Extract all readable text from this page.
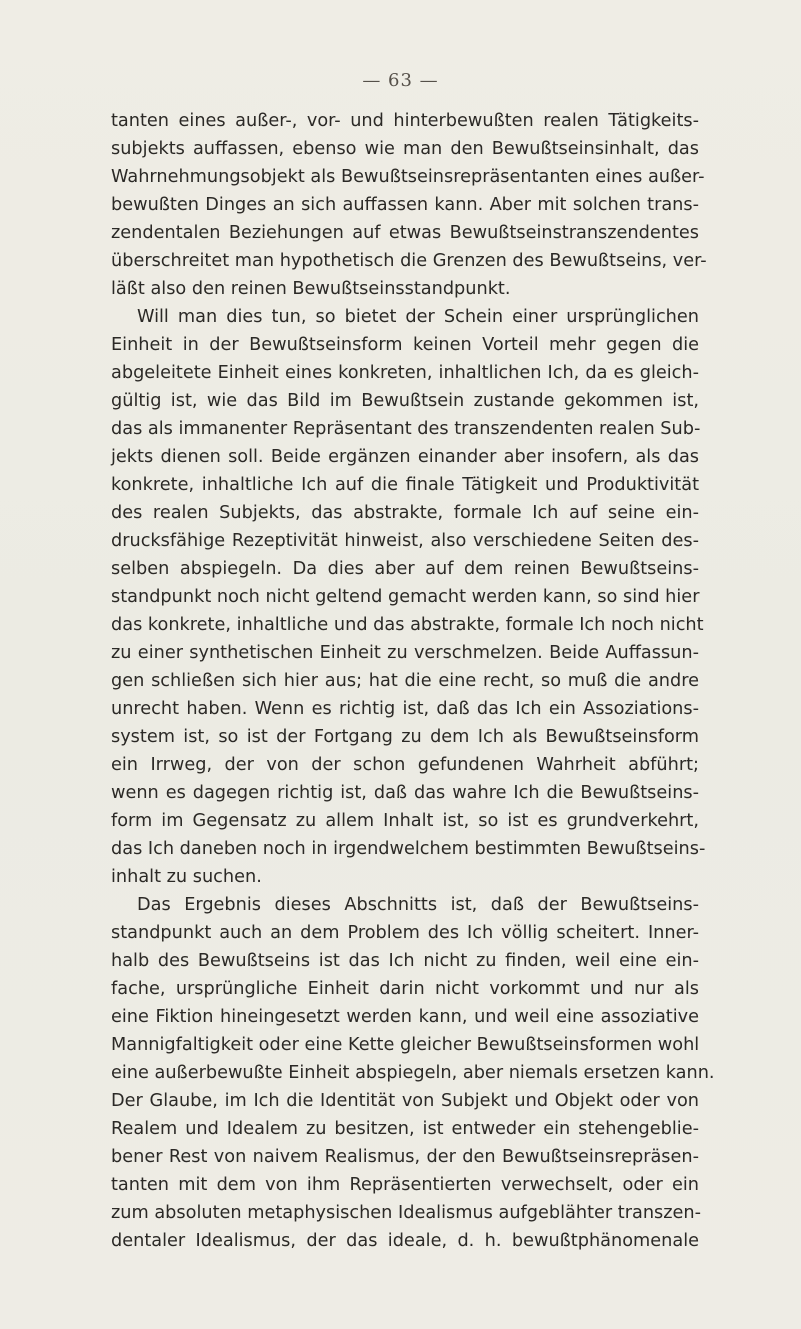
— 63 —
tanten eines außer-, vor- und hinterbewußten realen Tätigkeits-
subjekts auffassen, ebenso wie man den Bewußtseinsinhalt, das
Wahrnehmungsobjekt als Bewußtseinsrepräsentanten eines außer-
bewußten Dinges an sich auffassen kann. Aber mit solchen trans-
zendentalen Beziehungen auf etwas Bewußtseinstranszendentes
überschreitet man hypothetisch die Grenzen des Bewußtseins, ver-
läßt also den reinen Bewußtseinsstandpunkt.
Will man dies tun, so bietet der Schein einer ursprünglichen
Einheit in der Bewußtseinsform keinen Vorteil mehr gegen die
abgeleitete Einheit eines konkreten, inhaltlichen Ich, da es gleich-
gültig ist, wie das Bild im Bewußtsein zustande gekommen ist,
das als immanenter Repräsentant des transzendenten realen Sub-
jekts dienen soll. Beide ergänzen einander aber insofern, als das
konkrete, inhaltliche Ich auf die finale Tätigkeit und Produktivität
des realen Subjekts, das abstrakte, formale Ich auf seine ein-
drucksfähige Rezeptivität hinweist, also verschiedene Seiten des-
selben abspiegeln. Da dies aber auf dem reinen Bewußtseins-
standpunkt noch nicht geltend gemacht werden kann, so sind hier
das konkrete, inhaltliche und das abstrakte, formale Ich noch nicht
zu einer synthetischen Einheit zu verschmelzen. Beide Auffassun-
gen schließen sich hier aus; hat die eine recht, so muß die andre
unrecht haben. Wenn es richtig ist, daß das Ich ein Assoziations-
system ist, so ist der Fortgang zu dem Ich als Bewußtseinsform
ein Irrweg, der von der schon gefundenen Wahrheit abführt;
wenn es dagegen richtig ist, daß das wahre Ich die Bewußtseins-
form im Gegensatz zu allem Inhalt ist, so ist es grundverkehrt,
das Ich daneben noch in irgendwelchem bestimmten Bewußtseins-
inhalt zu suchen.
Das Ergebnis dieses Abschnitts ist, daß der Bewußtseins-
standpunkt auch an dem Problem des Ich völlig scheitert. Inner-
halb des Bewußtseins ist das Ich nicht zu finden, weil eine ein-
fache, ursprüngliche Einheit darin nicht vorkommt und nur als
eine Fiktion hineingesetzt werden kann, und weil eine assoziative
Mannigfaltigkeit oder eine Kette gleicher Bewußtseinsformen wohl
eine außerbewußte Einheit abspiegeln, aber niemals ersetzen kann.
Der Glaube, im Ich die Identität von Subjekt und Objekt oder von
Realem und Idealem zu besitzen, ist entweder ein stehengeblie-
bener Rest von naivem Realismus, der den Bewußtseinsrepräsen-
tanten mit dem von ihm Repräsentierten verwechselt, oder ein
zum absoluten metaphysischen Idealismus aufgeblähter transzen-
dentaler Idealismus, der das ideale, d. h. bewußtphänomenale
